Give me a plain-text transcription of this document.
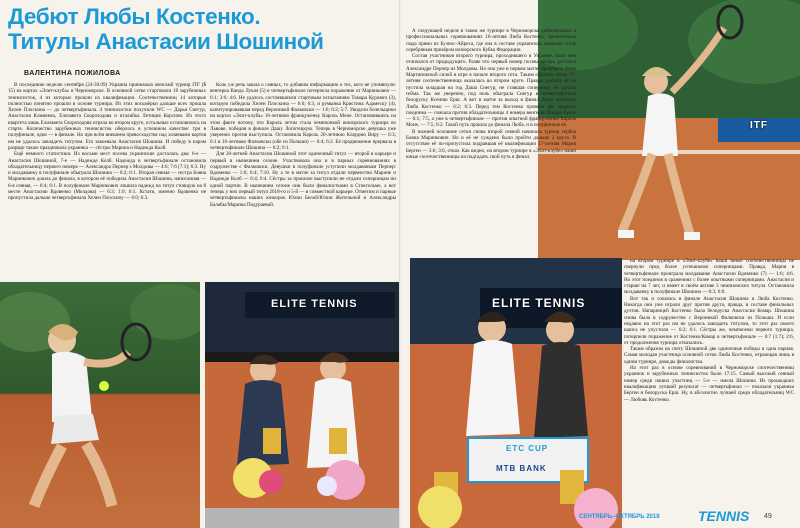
Дебют Любы Костенко.
Титулы Анастасии Шошиной
ВАЛЕНТИНА ПОЖИЛОВА

В последнюю неделю сентября (24-30.09) Украина принимала женский турнир ITF ($ 15) на кортах «Элит-клуба» в Черноморске. В основной сетке стартовали 18 зарубежных теннисисток, 4 из которых прошли из квалификации. Соотечественниц 14 которые полностью понятно прошли в основе турнира. Из этих восьмёрки дальше всех прошла Хелен Плоскина — до четвертьфинала. 4 теннисистки получили WC — Дарья Снегур, Анастасия Клименко, Елизавета Скороходова и италийка Летиция Корсини. Из этого квартета лишь Елизавета Скороходова играла во втором круге, остальные остановились на старте. Количество зарубежных теннисисток оберлось в успешном качестве: три в полуфинале, одна — в финале. Но при всём внешнем превосходстве над хозяевами кортов им не удалось завладеть титулом. Его завоевала Анастасия Шошина. И победу в паром разряде также праздновала украинка — сёстры Марина и Надежда Колб.

Ещё немного статистики. Из восьми мест посева украинские досталась два: 6-е — Анастасия Шошиной, 7-е — Надежде Колб. Надежда в четвертьфинале остановила обладательницу первого номера — Александра Перпер з Молдовы — 4:6; 7:6 (7:1); 6:3. Ну и молдаванку в полуфинале обыграла Шошина — 6:2; 6:1. Вторая сеяная — сестра Бояна Маринкович дошла до финала, в котором её победила Анастасия Шошина, написанная — 6-я сеяная, — 6:4; 6:1. В полуфинале Маринкович лишила надежд на титул стоящую на 8 месте Анастасию Вдовенко (Молдова) — 6:3; 1:6; 6:1. Кстати, именно Вдовенко не пропустила дальше четвертьфинала Хелен Плоскину — 6:0; 6:3.

Коль уж речь зашла о сеяных, то добавим информацию о тех, кого не упомянули: венгерка Ванда Лукач (5) в четвертьфинале потерпела поражение от Маринкович — 6:1; 3:6; 4:6. Не удалось состоявшимся стартовым испытаниям Тамара Курович (3), которую победила Хелен Плоскина — 6:0; 6:3, и румынка Кристина Адамеску (4), капитулировавшая перед Вероникой Фалковски — 1:6; 6:2; 5:7. Увидели болельщики на кортах «Элит-клуба» 16-летнюю француженку Кароль Моне. Остановившись на этом факте потому, что Кароль летом стала чемпионкой юниорского турнира во Львове, победив в финале Дашу Лопотецкую. Теперь в Черноморске девушка уже уверенно против выступила. Остановила Кароль 20-летнюю Клаудию Виру — 6:3; 6:1 в 16-летнюю Фалковски (обе из Польши) — 6:4; 6:2. Её продвижение прервала в четвертьфинале Шошина — 6:2; 6:1.

Для 20-летней Анастасии Шошиной этот одиночный титул — второй в карьере и первый в нынешнем сезоне. Участвовала она и в парных соревнованиях в содружестве с Фалковски. Девушки в полуфинале уступили молдаванкам Перпер/Вдовенко — 1:6; 6:4; 7:10. Ну а те в матче за титул отдали первенство Марине и Надежде Колб — 6:4; 6:4. Сёстры за прошлое выступили не отдали соперницам ни одной партии. В нынешнем сезоне они были финалистками в Стокгольме, а вот теперь у них первый титул 2018-го и 5-й — в совместной карьере. Отметим и парные четвертьфиналы наших юниорок Юлии Белой/Юлии Жительной и Александры Балабы/Марины Подураевой.

ELITE TENNIS
ITF

А следующей неделе в таком же турнире в Черноморске дебютировала в профессиональных соревнованиях 16-летняя Люба Костенко, прилетевшая сюда прямо из Буэнос-Айреса, где она в составе украинской команды стала серебряным призёром юниорского Кубка Федерации.

Состав участников второго турнира, проходившего в Украине, мало чем отличался от предыдущего. Разве что первый номер посева теперь достался Александре Перпер из Молдовы. Но она уже в первом матче проиграла Анне Мартиновской силой в игре в начале второго сета. Таким образом, лишь 17-летняя соотечественница оказалась во втором круге. Правда, дальше её не пустила младшая на год Даша Снегур, не ставшая соперницу ни одного гейма. Так же уверенно, под ноль обыграла Снегур в четвертьфинале белоруску Ксению Ерш. А вот в матче за выход в финал Дашу победила Люба Костенко — 6:2; 6:3. Перед тем Костенко провела два трудных поединка — сначала против обладательницы 4 номера венгерки Ванды Лукач — 6:1; 7:5, а уже в четвертьфинале — против опытной француженки Кароль Моне, — 7:5; 6:2. Такой путь прошла до финала Люба, и в полуфинале её.

В нижней половине сетки снова второй сеяной начинала турнир сербка Бояна Маринкович. Но и её не суждено было пройти дальше 2 круга. В отсутствие её по-пропустила подравшая её квалификации 17-летняя Мария Берген — 3:6; 3:6, отказ. Как видно, на втором турнире в «Элит-клубе» наши юные соотечественницы на подгадать свой путь в финал.

на втором турнире в «Элит-клубе» наши юные соотечественницы не свернули пред более успешными соперницами. Правда, Мария в четвертьфинале проиграла молдаванке Анастасии Вдовенко (7) — 1:6; 4:6. Но этот поединок в сражениях с более опытными соперницами. Анастасия и старше на 7 лет, и имеет в своём активе 3 чемпионских титула. Остановила молдаванку в полуфинале Шошина — 6:3; 6:0.

Вот так и сошлись в финале Анастасия Шошина и Люба Костенко. Никогда они уже играли друг против друга, правда, в составе финальных дуэтов. Напарницей Костенко была белоруска Анастасия Комар. Шошина снова была в содружестве с Вероникой Фалковски из Польши. И если недавно на этот раз им не удалось завладеть титулом, то этот раз своего шанса не упустили — 6:2; 6:1. Сёстры же, чемпионки первого турнира, потерпели поражение от Костенко/Комар в четвертьфинале — 6:7 (1:7); 2:6, от продолжения турнира отказались.

Таким образом на счету Шошиной две одиночные победы и одна парная. Самая молодая участница основной сетки Люба Костенко, играющая лишь в одном турнире, дважды финалистка.

На этот раз в основе соревнований в Черноморске соотечественниц украинок и зарубежных теннисисток было 17:15. Самый высокий сеяный номер среди наших участниц — 5-е — имела Шошина. Из прошедших квалификацию лучший результат — четвертьфинал — показали украинка Берген и белоруска Ерш. Ну, в абсолютно лучшей среди обладательниц WC — Любовь Костенко.

ELITE TENNIS
ETC CUP
MTB BANK
СЕНТЯБРЬ–ОКТЯБРЬ 2018	TENNIS 49
